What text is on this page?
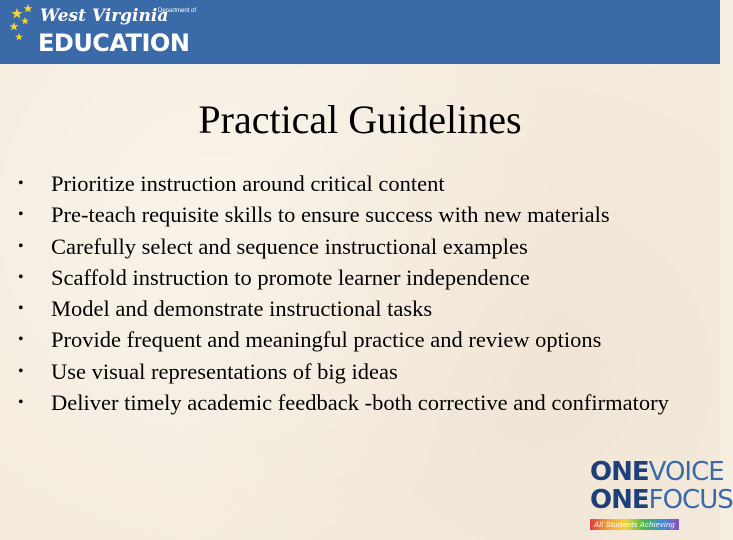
West Virginia
Department of
EDUCATION
Practical Guidelines
• Prioritize instruction around critical content
• Pre-teach requisite skills to ensure success with new materials
• Carefully select and sequence instructional examples
• Scaffold instruction to promote learner independence
• Model and demonstrate instructional tasks
• Provide frequent and meaningful practice and review options
• Use visual representations of big ideas
• Deliver timely academic feedback -both corrective and confirmatory
ONEVOICE
ONEFOCUS
All Students Achieving
